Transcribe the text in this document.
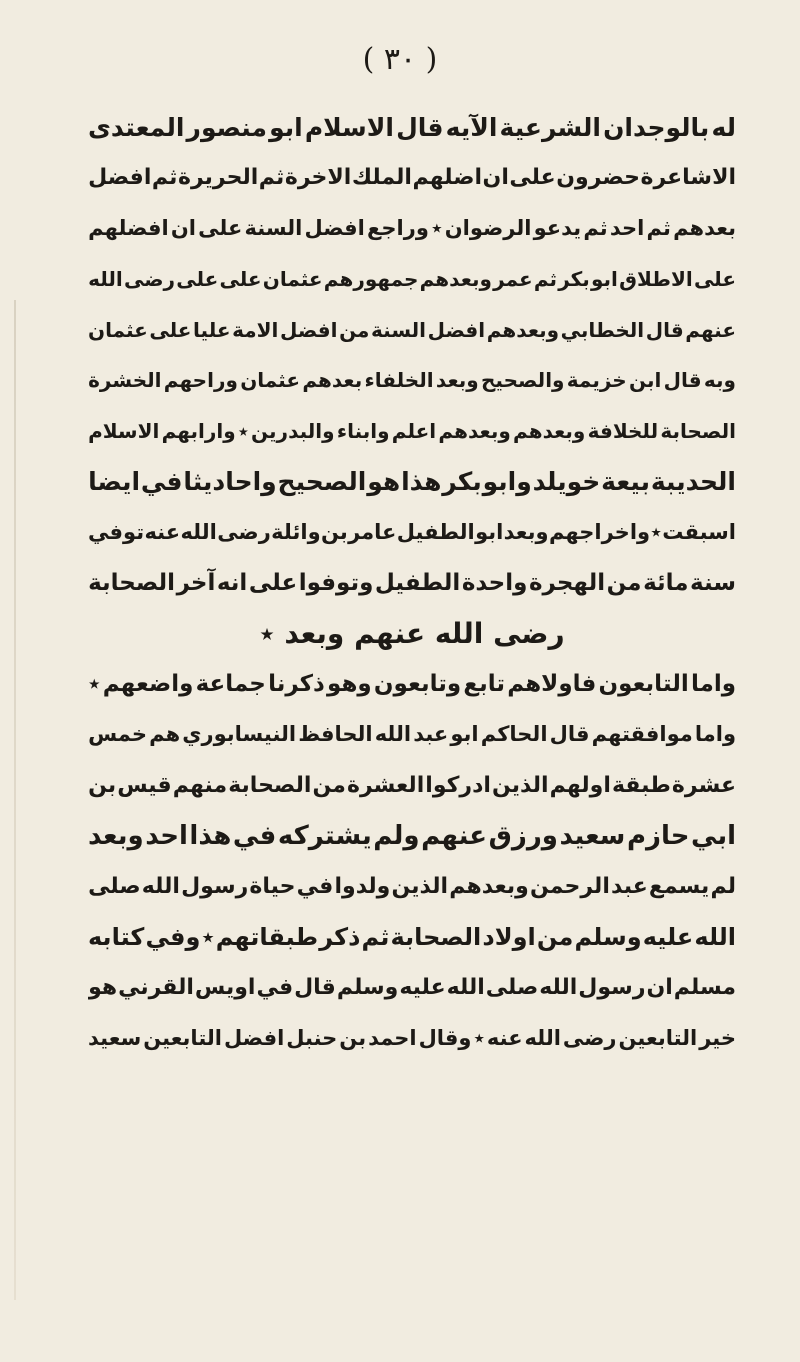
( ٣٠ )
له
بالوجدان
الشرعية
الآيه
قال
الاسلام
ابو
منصور
المعتدى
الاشاعرة
حضرون
على
ان
اضلهم
الملك
الاخرة
ثم
الحريرة
ثم
افضل
بعدهم
ثم
احد
ثم
يدعو
الرضوان
٭
وراجع
افضل
السنة
على
ان
افضلهم
على
الاطلاق
ابو
بكر
ثم
عمر
وبعدهم
جمهورهم
عثمان
على
على
رضى
الله
عنهم
قال
الخطابي
وبعدهم
افضل
السنة
من
افضل
الامة
عليا
على
عثمان
وبه
قال
ابن
خزيمة
والصحيح
وبعد
الخلفاء
بعدهم
عثمان
وراحهم
الخشرة
الصحابة
للخلافة
وبعدهم
وبعدهم
اعلم
وابناء
والبدرين
٭
وارابهم
الاسلام
الحديبة
بيعة
خويلد
وابو
بكر
هذا
هو
الصحيح
واحاديثا
في
ايضا
اسبقت
٭
واخراجهم
وبعد
ابو
الطفيل
عامر
بن
وائلة
رضى
الله
عنه
توفي
سنة
مائة
من
الهجرة
واحدة
الطفيل
وتوفوا
على
انه
آخر
الصحابة
رضى الله عنهم وبعد ٭
واما
التابعون
فاولاهم
تابع
وتابعون
وهو
ذكرنا
جماعة
واضعهم
٭
واما
موافقتهم
قال
الحاكم
ابو
عبد
الله
الحافظ
النيسابوري
هم
خمس
عشرة
طبقة
اولهم
الذين
ادركوا
العشرة
من
الصحابة
منهم
قيس
بن
ابي
حازم
سعيد
ورزق
عنهم
ولم
يشتركه
في
هذا
احد
وبعد
لم
يسمع
عبد
الرحمن
وبعدهم
الذين
ولدوا
في
حياة
رسول
الله
صلى
الله
عليه
وسلم
من
اولاد
الصحابة
ثم
ذكر
طبقاتهم
٭
وفي
كتابه
مسلم
ان
رسول
الله
صلى
الله
عليه
وسلم
قال
في
اويس
القرني
هو
خير
التابعين
رضى
الله
عنه
٭
وقال
احمد
بن
حنبل
افضل
التابعين
سعيد
